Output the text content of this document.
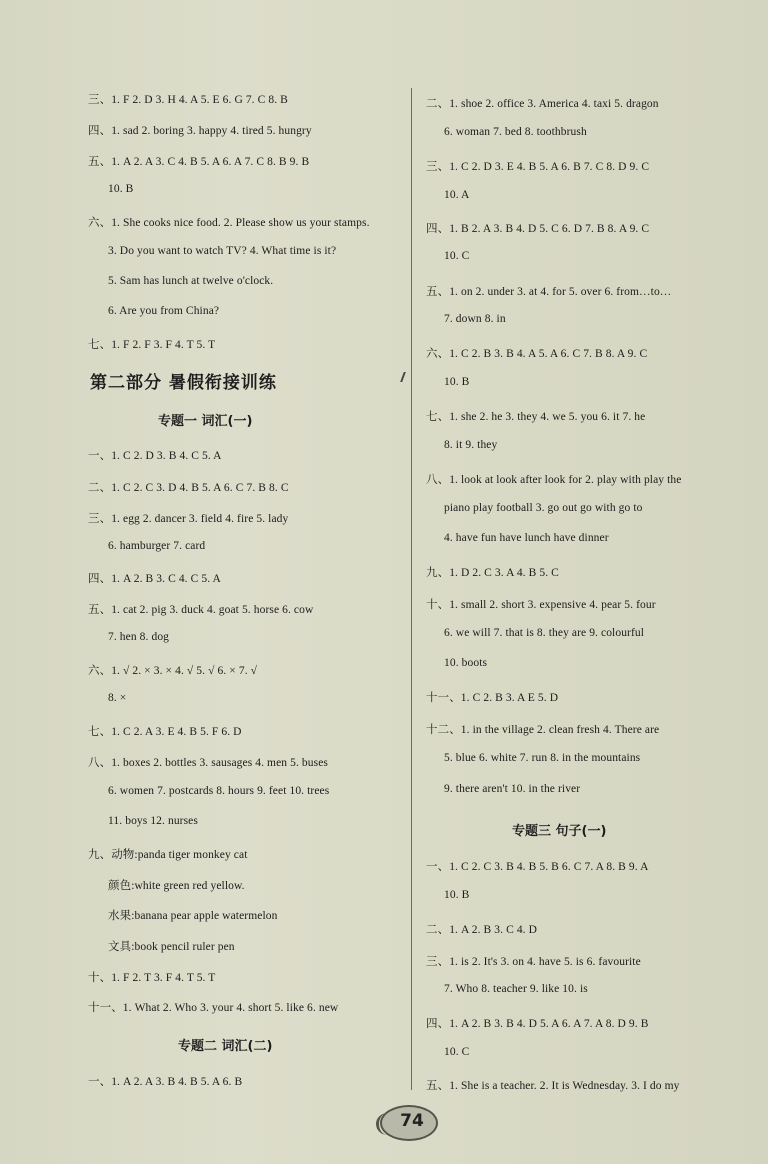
三、1. F 2. D 3. H 4. A 5. E 6. G 7. C 8. B
四、1. sad 2. boring 3. happy 4. tired 5. hungry
五、1. A 2. A 3. C 4. B 5. A 6. A 7. C 8. B 9. B
10. B
六、1. She cooks nice food. 2. Please show us your stamps.
3. Do you want to watch TV? 4. What time is it?
5. Sam has lunch at twelve o'clock.
6. Are you from China?
七、1. F 2. F 3. F 4. T 5. T
第二部分 暑假衔接训练
专题一 词汇(一)
一、1. C 2. D 3. B 4. C 5. A
二、1. C 2. C 3. D 4. B 5. A 6. C 7. B 8. C
三、1. egg 2. dancer 3. field 4. fire 5. lady
6. hamburger 7. card
四、1. A 2. B 3. C 4. C 5. A
五、1. cat 2. pig 3. duck 4. goat 5. horse 6. cow
7. hen 8. dog
六、1. √ 2. × 3. × 4. √ 5. √ 6. × 7. √
8. ×
七、1. C 2. A 3. E 4. B 5. F 6. D
八、1. boxes 2. bottles 3. sausages 4. men 5. buses
6. women 7. postcards 8. hours 9. feet 10. trees
11. boys 12. nurses
九、动物:panda tiger monkey cat
颜色:white green red yellow.
水果:banana pear apple watermelon
文具:book pencil ruler pen
十、1. F 2. T 3. F 4. T 5. T
十一、1. What 2. Who 3. your 4. short 5. like 6. new
专题二 词汇(二)
一、1. A 2. A 3. B 4. B 5. A 6. B
二、1. shoe 2. office 3. America 4. taxi 5. dragon
6. woman 7. bed 8. toothbrush
三、1. C 2. D 3. E 4. B 5. A 6. B 7. C 8. D 9. C
10. A
四、1. B 2. A 3. B 4. D 5. C 6. D 7. B 8. A 9. C
10. C
五、1. on 2. under 3. at 4. for 5. over 6. from…to…
7. down 8. in
六、1. C 2. B 3. B 4. A 5. A 6. C 7. B 8. A 9. C
10. B
七、1. she 2. he 3. they 4. we 5. you 6. it 7. he
8. it 9. they
八、1. look at look after look for 2. play with play the
piano play football 3. go out go with go to
4. have fun have lunch have dinner
九、1. D 2. C 3. A 4. B 5. C
十、1. small 2. short 3. expensive 4. pear 5. four
6. we will 7. that is 8. they are 9. colourful
10. boots
十一、1. C 2. B 3. A E 5. D
十二、1. in the village 2. clean fresh 4. There are
5. blue 6. white 7. run 8. in the mountains
9. there aren't 10. in the river
专题三 句子(一)
一、1. C 2. C 3. B 4. B 5. B 6. C 7. A 8. B 9. A
10. B
二、1. A 2. B 3. C 4. D
三、1. is 2. It's 3. on 4. have 5. is 6. favourite
7. Who 8. teacher 9. like 10. is
四、1. A 2. B 3. B 4. D 5. A 6. A 7. A 8. D 9. B
10. C
五、1. She is a teacher. 2. It is Wednesday. 3. I do my
74
